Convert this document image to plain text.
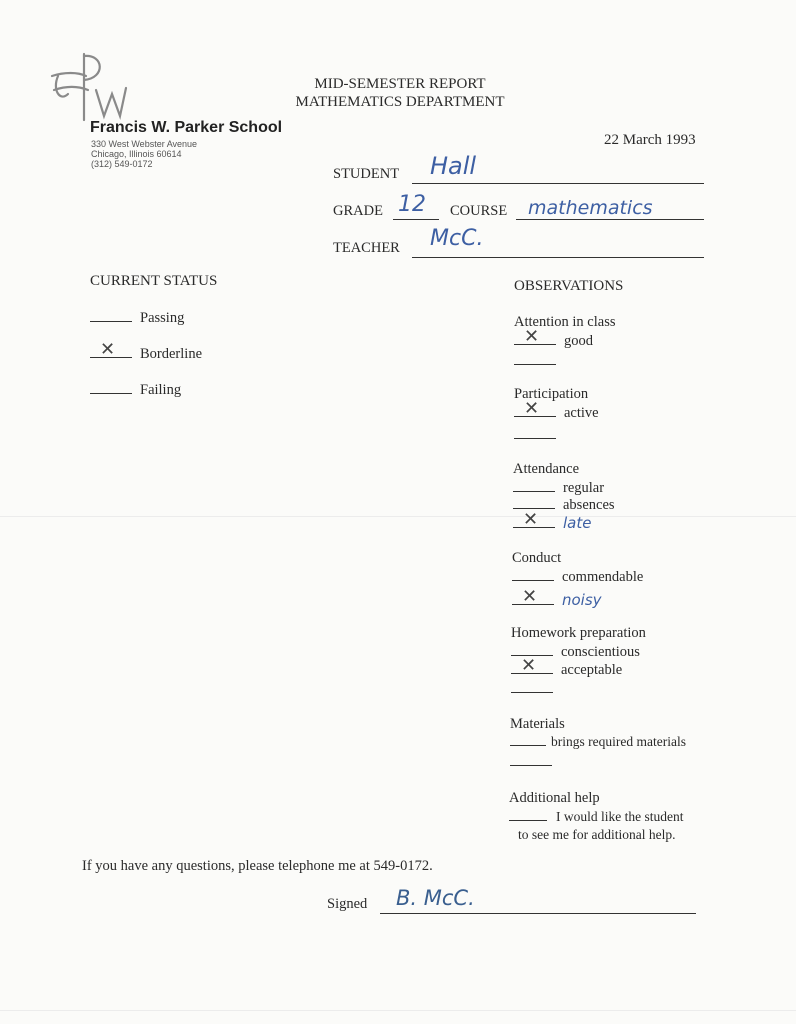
Francis W. Parker School
330 West Webster Avenue
Chicago, Illinois 60614
(312) 549-0172
MID-SEMESTER REPORT
MATHEMATICS DEPARTMENT
22 March 1993
STUDENT Hall
GRADE 12 COURSE mathematics
TEACHER McC.
CURRENT STATUS
Passing
✕ Borderline
Failing
OBSERVATIONS
Attention in class
✕ good
Participation
✕ active
Attendance
regular
absences
✕ late
Conduct
commendable
✕ noisy
Homework preparation
conscientious
✕ acceptable
Materials
brings required materials
Additional help
I would like the student
to see me for additional help.
If you have any questions, please telephone me at 549-0172.
Signed B. McC.
